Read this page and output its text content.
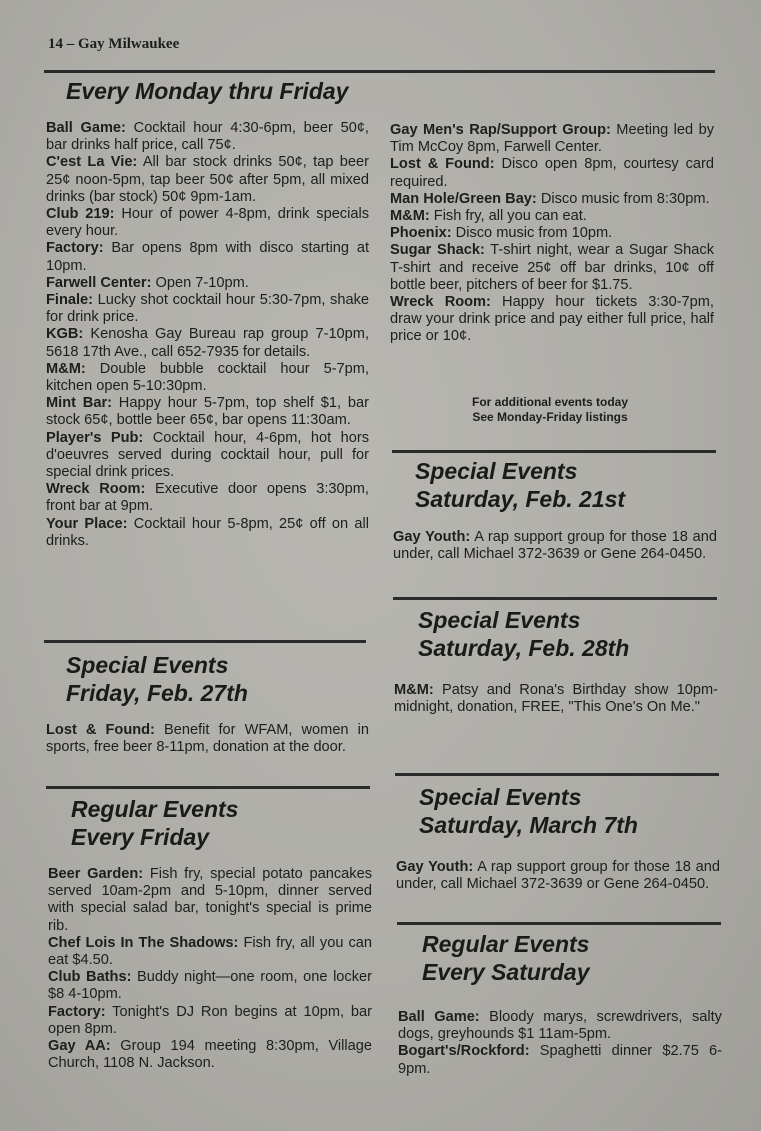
14 – Gay Milwaukee
Every Monday thru Friday

Ball Game: Cocktail hour 4:30-6pm, beer 50¢, bar drinks half price, call 75¢.

C'est La Vie: All bar stock drinks 50¢, tap beer 25¢ noon-5pm, tap beer 50¢ after 5pm, all mixed drinks (bar stock) 50¢ 9pm-1am.

Club 219: Hour of power 4-8pm, drink specials every hour.

Factory: Bar opens 8pm with disco starting at 10pm.

Farwell Center: Open 7-10pm.

Finale: Lucky shot cocktail hour 5:30-7pm, shake for drink price.

KGB: Kenosha Gay Bureau rap group 7-10pm, 5618 17th Ave., call 652-7935 for details.

M&M: Double bubble cocktail hour 5-7pm, kitchen open 5-10:30pm.

Mint Bar: Happy hour 5-7pm, top shelf $1, bar stock 65¢, bottle beer 65¢, bar opens 11:30am.

Player's Pub: Cocktail hour, 4-6pm, hot hors d'oeuvres served during cocktail hour, pull for special drink prices.

Wreck Room: Executive door opens 3:30pm, front bar at 9pm.

Your Place: Cocktail hour 5-8pm, 25¢ off on all drinks.

Gay Men's Rap/Support Group: Meeting led by Tim McCoy 8pm, Farwell Center.

Lost & Found: Disco open 8pm, courtesy card required.

Man Hole/Green Bay: Disco music from 8:30pm.

M&M: Fish fry, all you can eat.

Phoenix: Disco music from 10pm.

Sugar Shack: T-shirt night, wear a Sugar Shack T-shirt and receive 25¢ off bar drinks, 10¢ off bottle beer, pitchers of beer for $1.75.

Wreck Room: Happy hour tickets 3:30-7pm, draw your drink price and pay either full price, half price or 10¢.

For additional events today
See Monday-Friday listings
Special Events
Friday, Feb. 27th

Lost & Found: Benefit for WFAM, women in sports, free beer 8-11pm, donation at the door.

Regular Events
Every Friday

Beer Garden: Fish fry, special potato pancakes served 10am-2pm and 5-10pm, dinner served with special salad bar, tonight's special is prime rib.

Chef Lois In The Shadows: Fish fry, all you can eat $4.50.

Club Baths: Buddy night—one room, one locker $8 4-10pm.

Factory: Tonight's DJ Ron begins at 10pm, bar open 8pm.

Gay AA: Group 194 meeting 8:30pm, Village Church, 1108 N. Jackson.

Special Events
Saturday, Feb. 21st

Gay Youth: A rap support group for those 18 and under, call Michael 372-3639 or Gene 264-0450.

Special Events
Saturday, Feb. 28th

M&M: Patsy and Rona's Birthday show 10pm-midnight, donation, FREE, "This One's On Me."

Special Events
Saturday, March 7th

Gay Youth: A rap support group for those 18 and under, call Michael 372-3639 or Gene 264-0450.

Regular Events
Every Saturday

Ball Game: Bloody marys, screwdrivers, salty dogs, greyhounds $1 11am-5pm.

Bogart's/Rockford: Spaghetti dinner $2.75 6-9pm.
